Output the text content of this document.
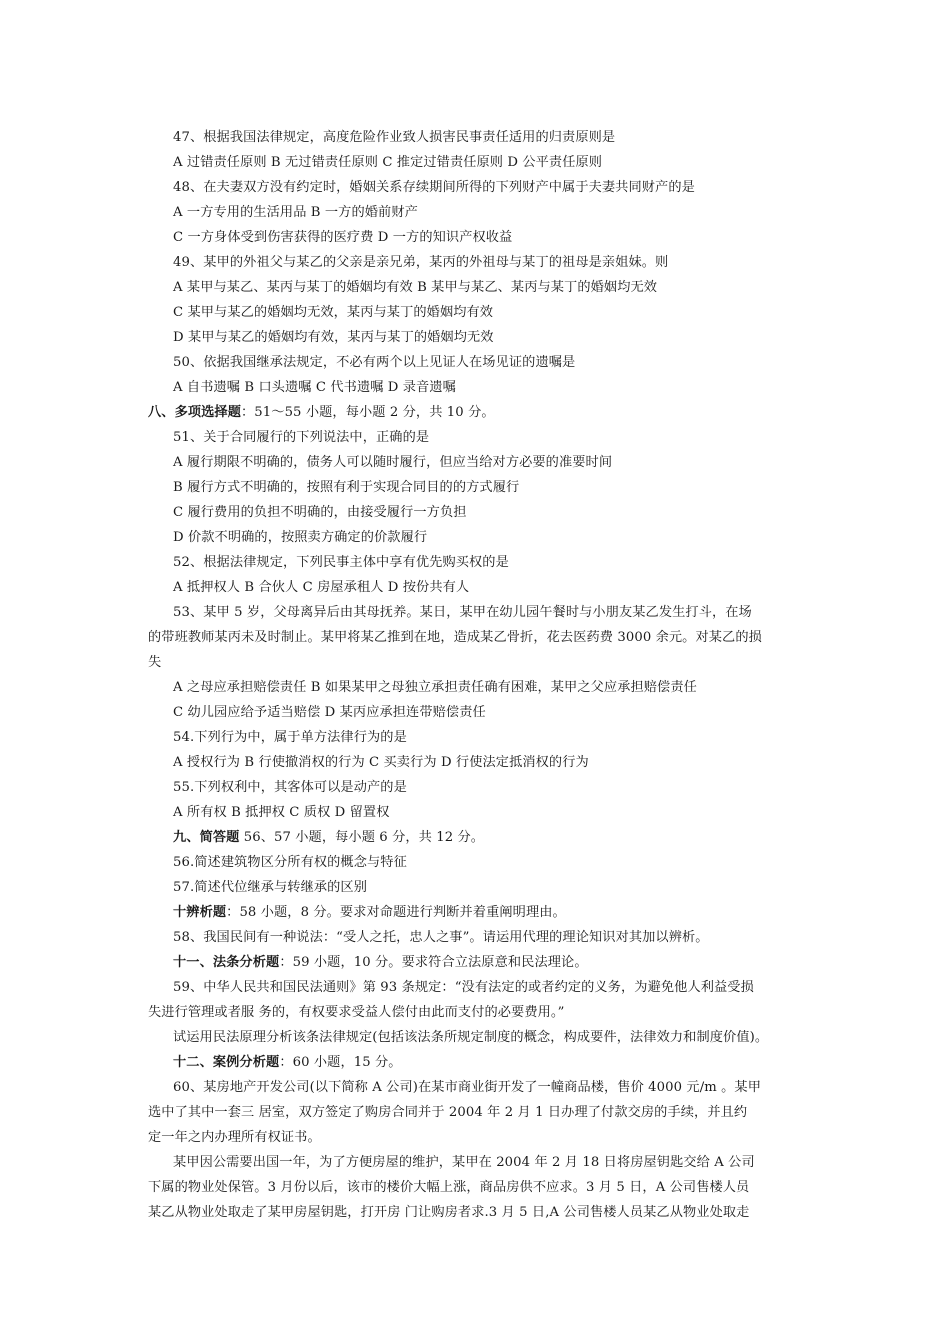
47、根据我国法律规定，高度危险作业致人损害民事责任适用的归责原则是
A 过错责任原则 B 无过错责任原则 C 推定过错责任原则 D 公平责任原则
48、在夫妻双方没有约定时，婚姻关系存续期间所得的下列财产中属于夫妻共同财产的是
A 一方专用的生活用品 B 一方的婚前财产
C 一方身体受到伤害获得的医疗费 D 一方的知识产权收益
49、某甲的外祖父与某乙的父亲是亲兄弟，某丙的外祖母与某丁的祖母是亲姐妹。则
A 某甲与某乙、某丙与某丁的婚姻均有效 B 某甲与某乙、某丙与某丁的婚姻均无效
C 某甲与某乙的婚姻均无效，某丙与某丁的婚姻均有效
D 某甲与某乙的婚姻均有效，某丙与某丁的婚姻均无效
50、依据我国继承法规定，不必有两个以上见证人在场见证的遗嘱是
A 自书遗嘱 B 口头遗嘱 C 代书遗嘱 D 录音遗嘱
八、多项选择题：51～55 小题，每小题 2 分，共 10 分。
51、关于合同履行的下列说法中，正确的是
A 履行期限不明确的，债务人可以随时履行，但应当给对方必要的准要时间
B 履行方式不明确的，按照有利于实现合同目的的方式履行
C 履行费用的负担不明确的，由接受履行一方负担
D 价款不明确的，按照卖方确定的价款履行
52、根据法律规定，下列民事主体中享有优先购买权的是
A 抵押权人 B 合伙人 C 房屋承租人 D 按份共有人
53、某甲 5 岁，父母离异后由其母抚养。某日，某甲在幼儿园午餐时与小朋友某乙发生打斗，在场
的带班教师某丙未及时制止。某甲将某乙推到在地，造成某乙骨折，花去医药费 3000 余元。对某乙的损
失
A 之母应承担赔偿责任 B 如果某甲之母独立承担责任确有困难，某甲之父应承担赔偿责任
C 幼儿园应给予适当赔偿 D 某丙应承担连带赔偿责任
54.下列行为中，属于单方法律行为的是
A 授权行为 B 行使撤消权的行为 C 买卖行为 D 行使法定抵消权的行为
55.下列权利中，其客体可以是动产的是
A 所有权 B 抵押权 C 质权 D 留置权
九、简答题 56、57 小题，每小题 6 分，共 12 分。
56.简述建筑物区分所有权的概念与特征
57.简述代位继承与转继承的区别
十辨析题：58 小题，8 分。要求对命题进行判断并着重阐明理由。
58、我国民间有一种说法：“受人之托，忠人之事”。请运用代理的理论知识对其加以辨析。
十一、法条分析题：59 小题，10 分。要求符合立法原意和民法理论。
59、中华人民共和国民法通则》第 93 条规定：“没有法定的或者约定的义务，为避免他人利益受损
失进行管理或者服 务的，有权要求受益人偿付由此而支付的必要费用。”
试运用民法原理分析该条法律规定(包括该法条所规定制度的概念，构成要件，法律效力和制度价值)。
十二、案例分析题：60 小题，15 分。
60、某房地产开发公司(以下简称 A 公司)在某市商业街开发了一幢商品楼，售价 4000 元/m 。某甲
选中了其中一套三 居室，双方签定了购房合同并于 2004 年 2 月 1 日办理了付款交房的手续，并且约
定一年之内办理所有权证书。
某甲因公需要出国一年，为了方便房屋的维护，某甲在 2004 年 2 月 18 日将房屋钥匙交给 A 公司
下属的物业处保管。3 月份以后，该市的楼价大幅上涨，商品房供不应求。3 月 5 日，A 公司售楼人员
某乙从物业处取走了某甲房屋钥匙，打开房 门让购房者求.3 月 5 日,A 公司售楼人员某乙从物业处取走
